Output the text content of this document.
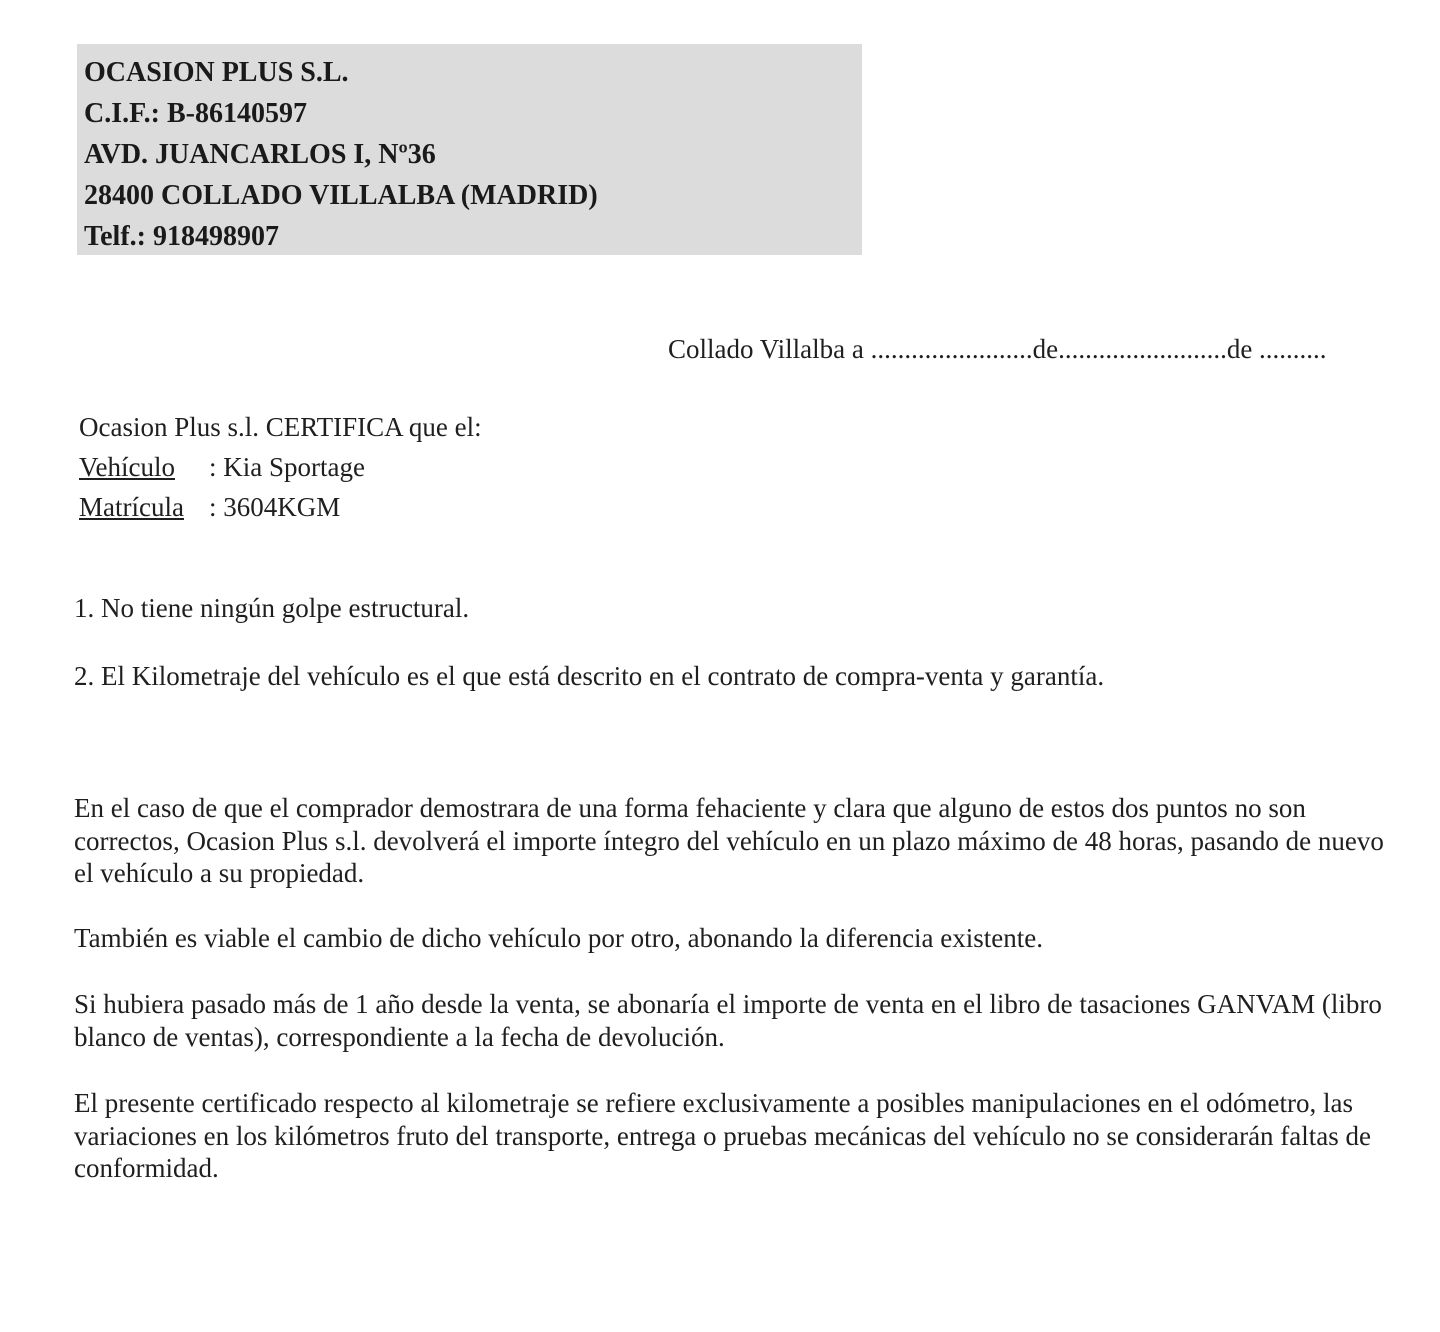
OCASION PLUS S.L.
C.I.F.: B-86140597
AVD. JUANCARLOS I, Nº36
28400 COLLADO VILLALBA (MADRID)
Telf.: 918498907
Collado Villalba a ........................de.........................de ..........
Ocasion Plus s.l. CERTIFICA que el:
Vehículo : Kia Sportage
Matrícula : 3604KGM

1. No tiene ningún golpe estructural.

2. El Kilometraje del vehículo es el que está descrito en el contrato de compra-venta y garantía.

En el caso de que el comprador demostrara de una forma fehaciente y clara que alguno de estos dos puntos no son correctos, Ocasion Plus s.l. devolverá el importe íntegro del vehículo en un plazo máximo de 48 horas, pasando de nuevo el vehículo a su propiedad.

También es viable el cambio de dicho vehículo por otro, abonando la diferencia existente.

Si hubiera pasado más de 1 año desde la venta, se abonaría el importe de venta en el libro de tasaciones GANVAM (libro blanco de ventas), correspondiente a la fecha de devolución.

El presente certificado respecto al kilometraje se refiere exclusivamente a posibles manipulaciones en el odómetro, las variaciones en los kilómetros fruto del transporte, entrega o pruebas mecánicas del vehículo no se considerarán faltas de conformidad.
